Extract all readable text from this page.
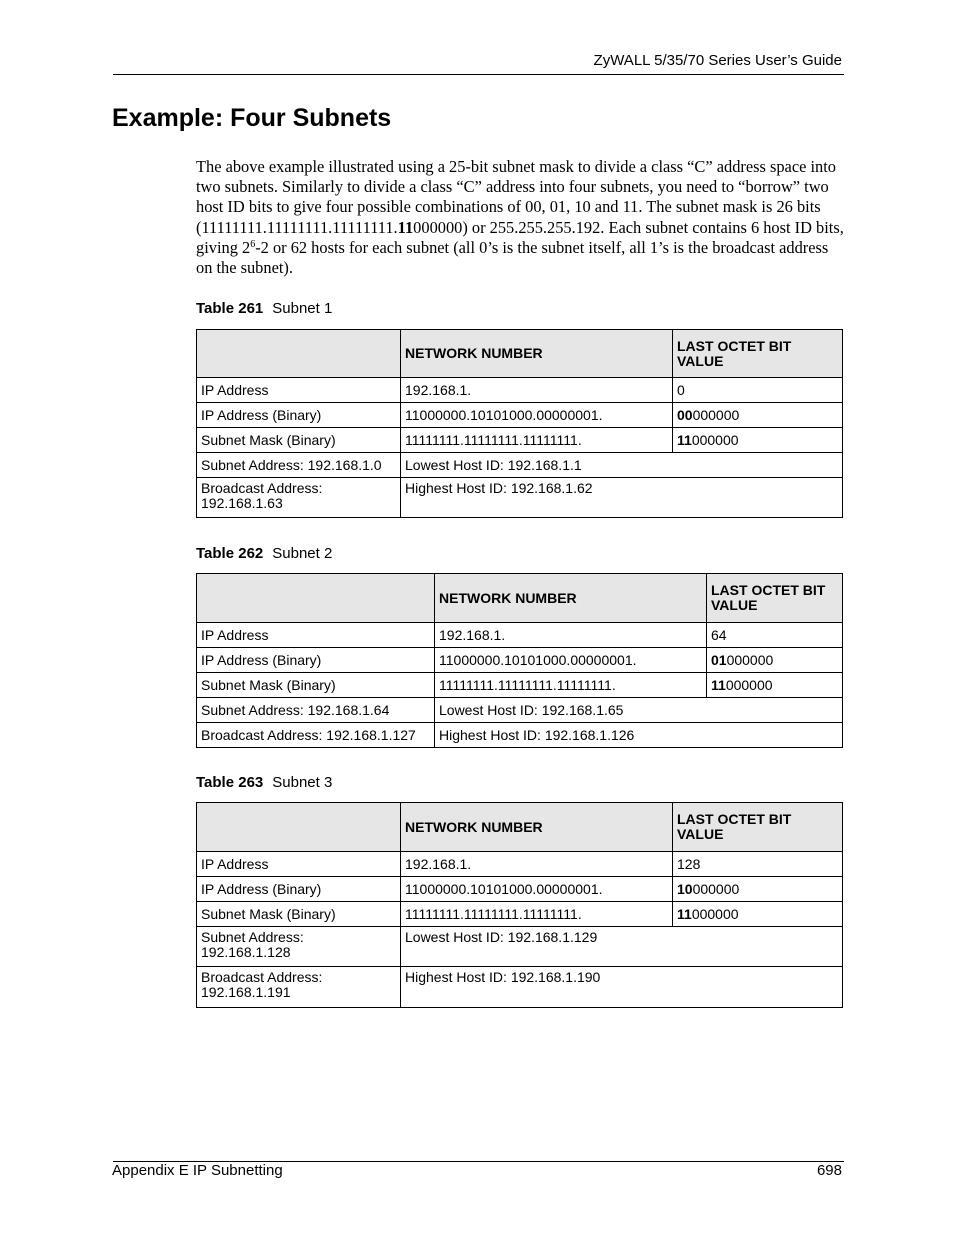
ZyWALL 5/35/70 Series User’s Guide
Example: Four Subnets

The above example illustrated using a 25-bit subnet mask to divide a class “C” address space into two subnets. Similarly to divide a class “C” address into four subnets, you need to “borrow” two host ID bits to give four possible combinations of 00, 01, 10 and 11. The subnet mask is 26 bits (11111111.11111111.11111111.11000000) or 255.255.255.192. Each subnet contains 6 host ID bits, giving $2^6-2$ or 62 hosts for each subnet (all 0’s is the subnet itself, all 1’s is the broadcast address on the subnet).

Table 261 Subnet 1
	NETWORK NUMBER	LAST OCTET BIT VALUE
IP Address	192.168.1.	0
IP Address (Binary)	11000000.10101000.00000001.	00000000
Subnet Mask (Binary)	11111111.11111111.11111111.	11000000
Subnet Address: 192.168.1.0	Lowest Host ID: 192.168.1.1	
Broadcast Address: 192.168.1.63	Highest Host ID: 192.168.1.62	
Table 262 Subnet 2
	NETWORK NUMBER	LAST OCTET BIT VALUE
IP Address	192.168.1.	64
IP Address (Binary)	11000000.10101000.00000001.	01000000
Subnet Mask (Binary)	11111111.11111111.11111111.	11000000
Subnet Address: 192.168.1.64	Lowest Host ID: 192.168.1.65	
Broadcast Address: 192.168.1.127	Highest Host ID: 192.168.1.126	
Table 263 Subnet 3
	NETWORK NUMBER	LAST OCTET BIT VALUE
IP Address	192.168.1.	128
IP Address (Binary)	11000000.10101000.00000001.	10000000
Subnet Mask (Binary)	11111111.11111111.11111111.	11000000
Subnet Address: 192.168.1.128	Lowest Host ID: 192.168.1.129	
Broadcast Address: 192.168.1.191	Highest Host ID: 192.168.1.190	
Appendix E IP Subnetting	698
